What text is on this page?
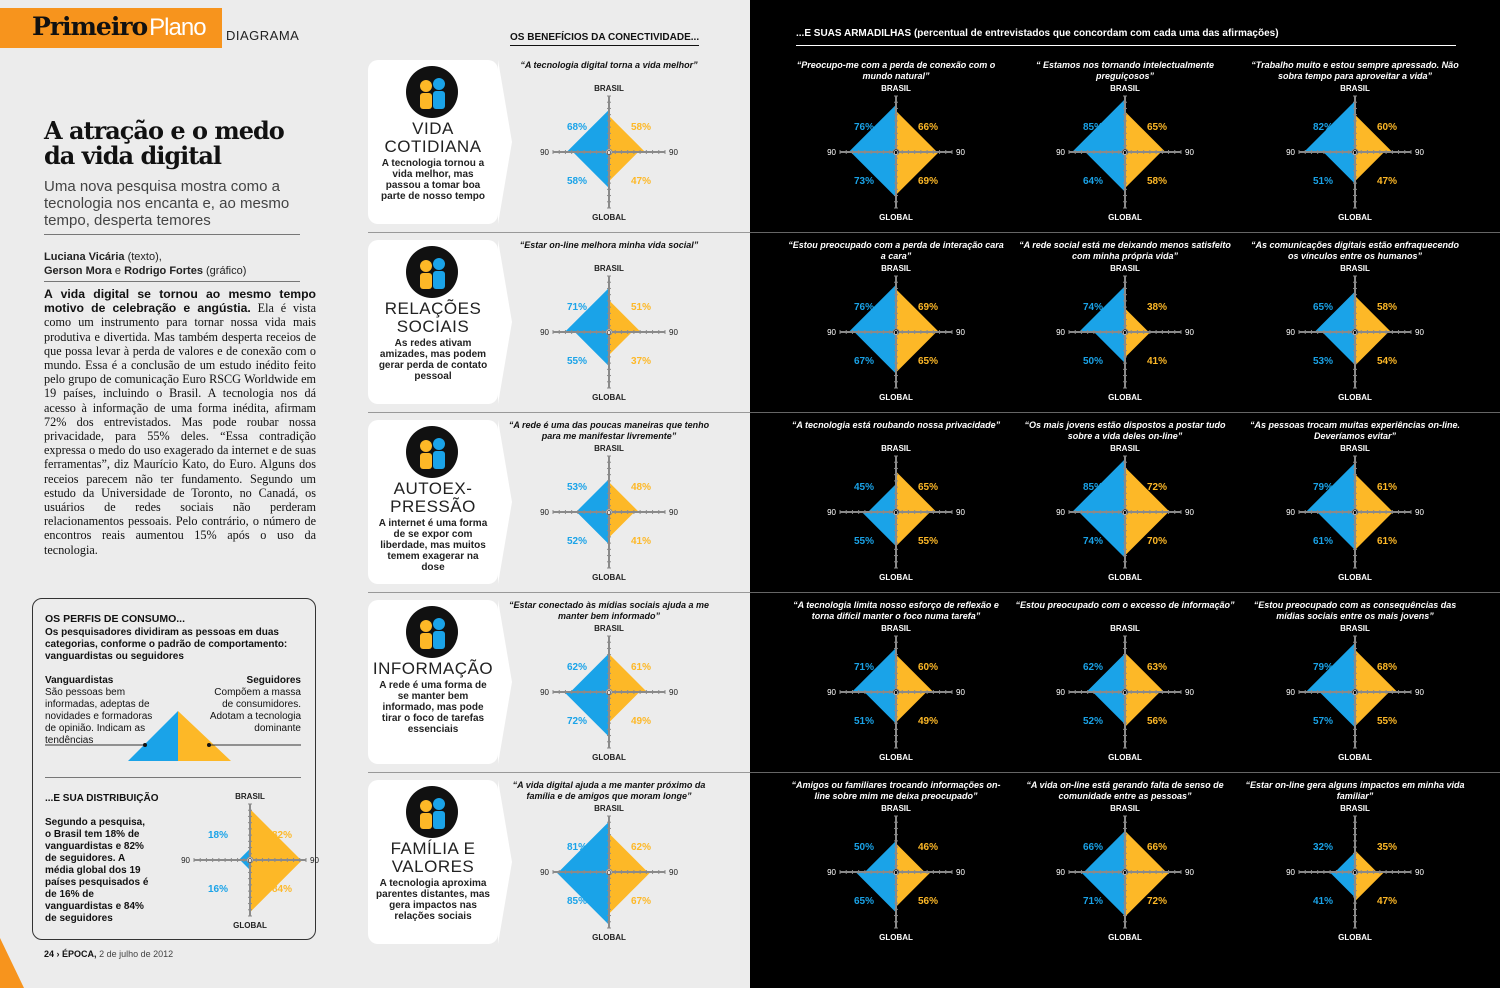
PrimeiroPlano DIAGRAMA
A atração e o medo da vida digital
Uma nova pesquisa mostra como a tecnologia nos encanta e, ao mesmo tempo, desperta temores
Luciana Vicária (texto),
Gerson Mora e Rodrigo Fortes (gráfico)
A vida digital se tornou ao mesmo tempo motivo de celebração e angústia. Ela é vista como um instrumento para tornar nossa vida mais produtiva e divertida. Mas também desperta receios de que possa levar à perda de valores e de conexão com o mundo. Essa é a conclusão de um estudo inédito feito pelo grupo de comunicação Euro RSCG Worldwide em 19 países, incluindo o Brasil. A tecnologia nos dá acesso à informação de uma forma inédita, afirmam 72% dos entrevistados. Mas pode roubar nossa privacidade, para 55% deles. “Essa contradição expressa o medo do uso exagerado da internet e de suas ferramentas”, diz Maurício Kato, do Euro. Alguns dos receios parecem não ter fundamento. Segundo um estudo da Universidade de Toronto, no Canadá, os usuários de redes sociais não perderam relacionamentos pessoais. Pelo contrário, o número de encontros reais aumentou 15% após o uso da tecnologia.
OS PERFIS DE CONSUMO...
Os pesquisadores dividiram as pessoas em duas categorias, conforme o padrão de comportamento: vanguardistas ou seguidores
Vanguardistas
São pessoas bem informadas, adeptas de novidades e formadoras de opinião. Indicam as tendências
Seguidores
Compõem a massa de consumidores. Adotam a tecnologia dominante
...E SUA DISTRIBUIÇÃO
Segundo a pesquisa, o Brasil tem 18% de vanguardistas e 82% de seguidores. A média global dos 19 países pesquisados é de 16% de vanguardistas e 84% de seguidores
BRASIL
GLOBAL
90	90
0
18%	82%
16%	84%
24 › ÉPOCA, 2 de julho de 2012
OS BENEFÍCIOS DA CONECTIVIDADE...	...E SUAS ARMADILHAS (percentual de entrevistados que concordam com cada uma das afirmações)
VIDA COTIDIANA
A tecnologia tornou a vida melhor, mas passou a tomar boa parte de nosso tempo
“A tecnologia digital torna a vida melhor”
BRASIL
GLOBAL
90	90
0
68%	58%
58%	47%
“Preocupo-me com a perda de conexão com o mundo natural”
BRASIL
GLOBAL
90	90
0
76%	66%
73%	69%
“ Estamos nos tornando intelectualmente preguiçosos”
BRASIL
GLOBAL
90	90
0
85%	65%
64%	58%
“Trabalho muito e estou sempre apressado. Não sobra tempo para aproveitar a vida”
BRASIL
GLOBAL
90	90
0
82%	60%
51%	47%
RELAÇÕES SOCIAIS
As redes ativam amizades, mas podem gerar perda de contato pessoal
“Estar on-line melhora minha vida social”
BRASIL
GLOBAL
90	90
0
71%	51%
55%	37%
“Estou preocupado com a perda de interação cara a cara”
BRASIL
GLOBAL
90	90
0
76%	69%
67%	65%
“A rede social está me deixando menos satisfeito com minha própria vida”
BRASIL
GLOBAL
90	90
0
74%	38%
50%	41%
“As comunicações digitais estão enfraquecendo os vínculos entre os humanos”
BRASIL
GLOBAL
90	90
0
65%	58%
53%	54%
AUTOEX-PRESSÃO
A internet é uma forma de se expor com liberdade, mas muitos temem exagerar na dose
“A rede é uma das poucas maneiras que tenho para me manifestar livremente”
BRASIL
GLOBAL
90	90
0
53%	48%
52%	41%
“A tecnologia está roubando nossa privacidade”
BRASIL
GLOBAL
90	90
0
45%	65%
55%	55%
“Os mais jovens estão dispostos a postar tudo sobre a vida deles on-line”
BRASIL
GLOBAL
90	90
0
85%	72%
74%	70%
“As pessoas trocam muitas experiências on-line. Deveríamos evitar”
BRASIL
GLOBAL
90	90
0
79%	61%
61%	61%
INFORMAÇÃO
A rede é uma forma de se manter bem informado, mas pode tirar o foco de tarefas essenciais
“Estar conectado às mídias sociais ajuda a me manter bem informado”
BRASIL
GLOBAL
90	90
0
62%	61%
72%	49%
“A tecnologia limita nosso esforço de reflexão e torna difícil manter o foco numa tarefa”
BRASIL
GLOBAL
90	90
0
71%	60%
51%	49%
“Estou preocupado com o excesso de informação”
BRASIL
GLOBAL
90	90
0
62%	63%
52%	56%
“Estou preocupado com as consequências das mídias sociais entre os mais jovens”
BRASIL
GLOBAL
90	90
0
79%	68%
57%	55%
FAMÍLIA E VALORES
A tecnologia aproxima parentes distantes, mas gera impactos nas relações sociais
“A vida digital ajuda a me manter próximo da família e de amigos que moram longe”
BRASIL
GLOBAL
90	90
0
81%	62%
85%	67%
“Amigos ou familiares trocando informações on-line sobre mim me deixa preocupado”
BRASIL
GLOBAL
90	90
0
50%	46%
65%	56%
“A vida on-line está gerando falta de senso de comunidade entre as pessoas”
BRASIL
GLOBAL
90	90
0
66%	66%
71%	72%
“Estar on-line gera alguns impactos em minha vida familiar”
BRASIL
GLOBAL
90	90
0
32%	35%
41%	47%
